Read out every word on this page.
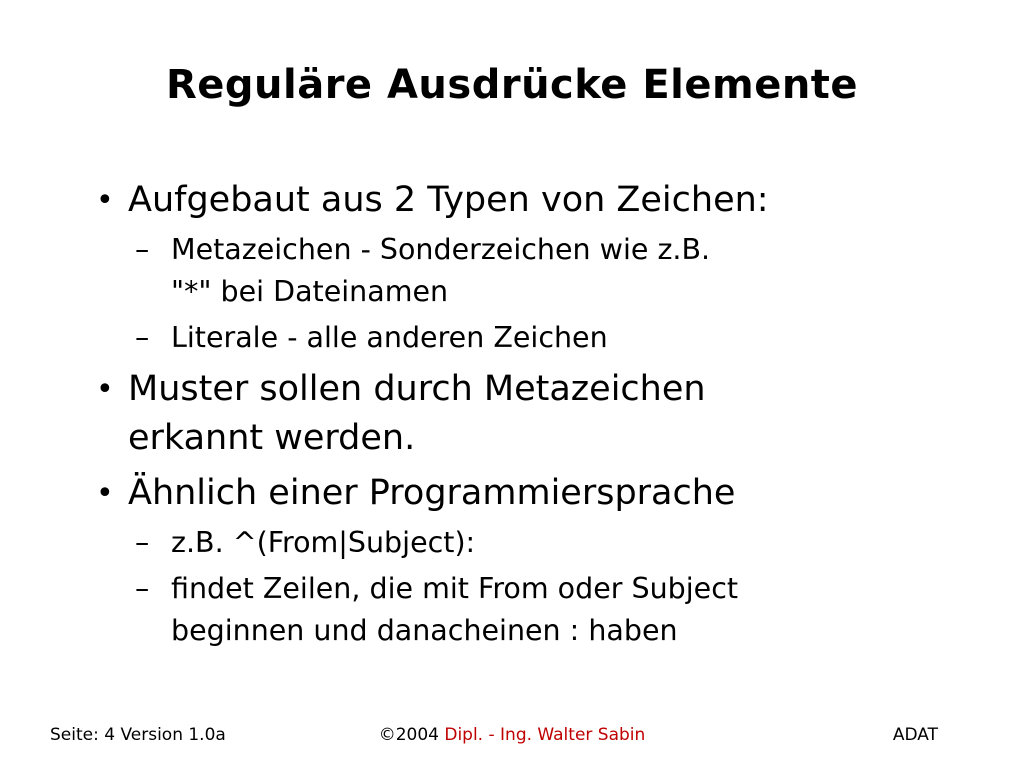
Reguläre Ausdrücke Elemente
• Aufgebaut aus 2 Typen von Zeichen:
– Metazeichen - Sonderzeichen wie z.B.
"*" bei Dateinamen
– Literale - alle anderen Zeichen
• Muster sollen durch Metazeichen
erkannt werden.
• Ähnlich einer Programmiersprache
– z.B. ^(From|Subject):
– findet Zeilen, die mit From oder Subject
beginnen und danacheinen : haben
Seite: 4 Version 1.0a	©2004 Dipl. - Ing. Walter Sabin	ADAT
